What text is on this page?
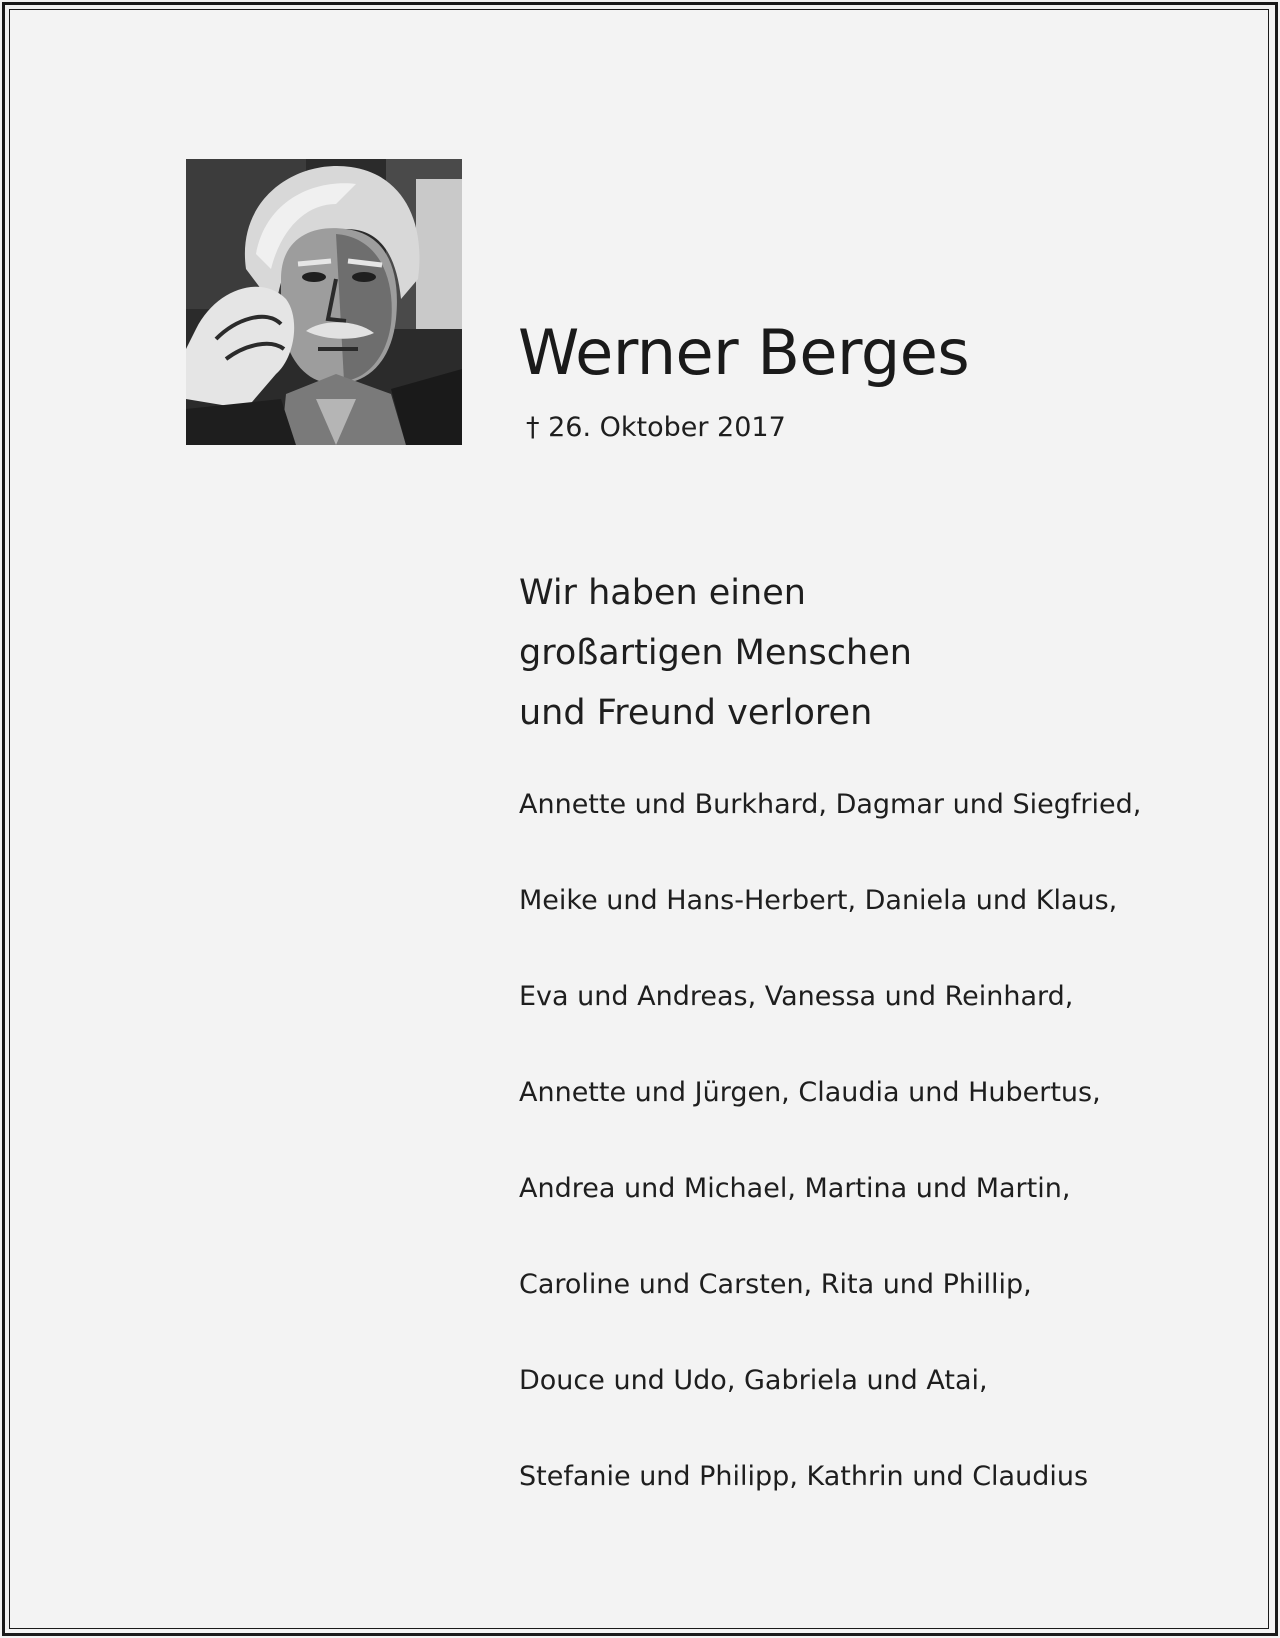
Werner Berges
† 26. Oktober 2017
Wir haben einen
großartigen Menschen
und Freund verloren
Annette und Burkhard, Dagmar und Siegfried,
Meike und Hans-Herbert, Daniela und Klaus,
Eva und Andreas, Vanessa und Reinhard,
Annette und Jürgen, Claudia und Hubertus,
Andrea und Michael, Martina und Martin,
Caroline und Carsten, Rita und Phillip,
Douce und Udo, Gabriela und Atai,
Stefanie und Philipp, Kathrin und Claudius
